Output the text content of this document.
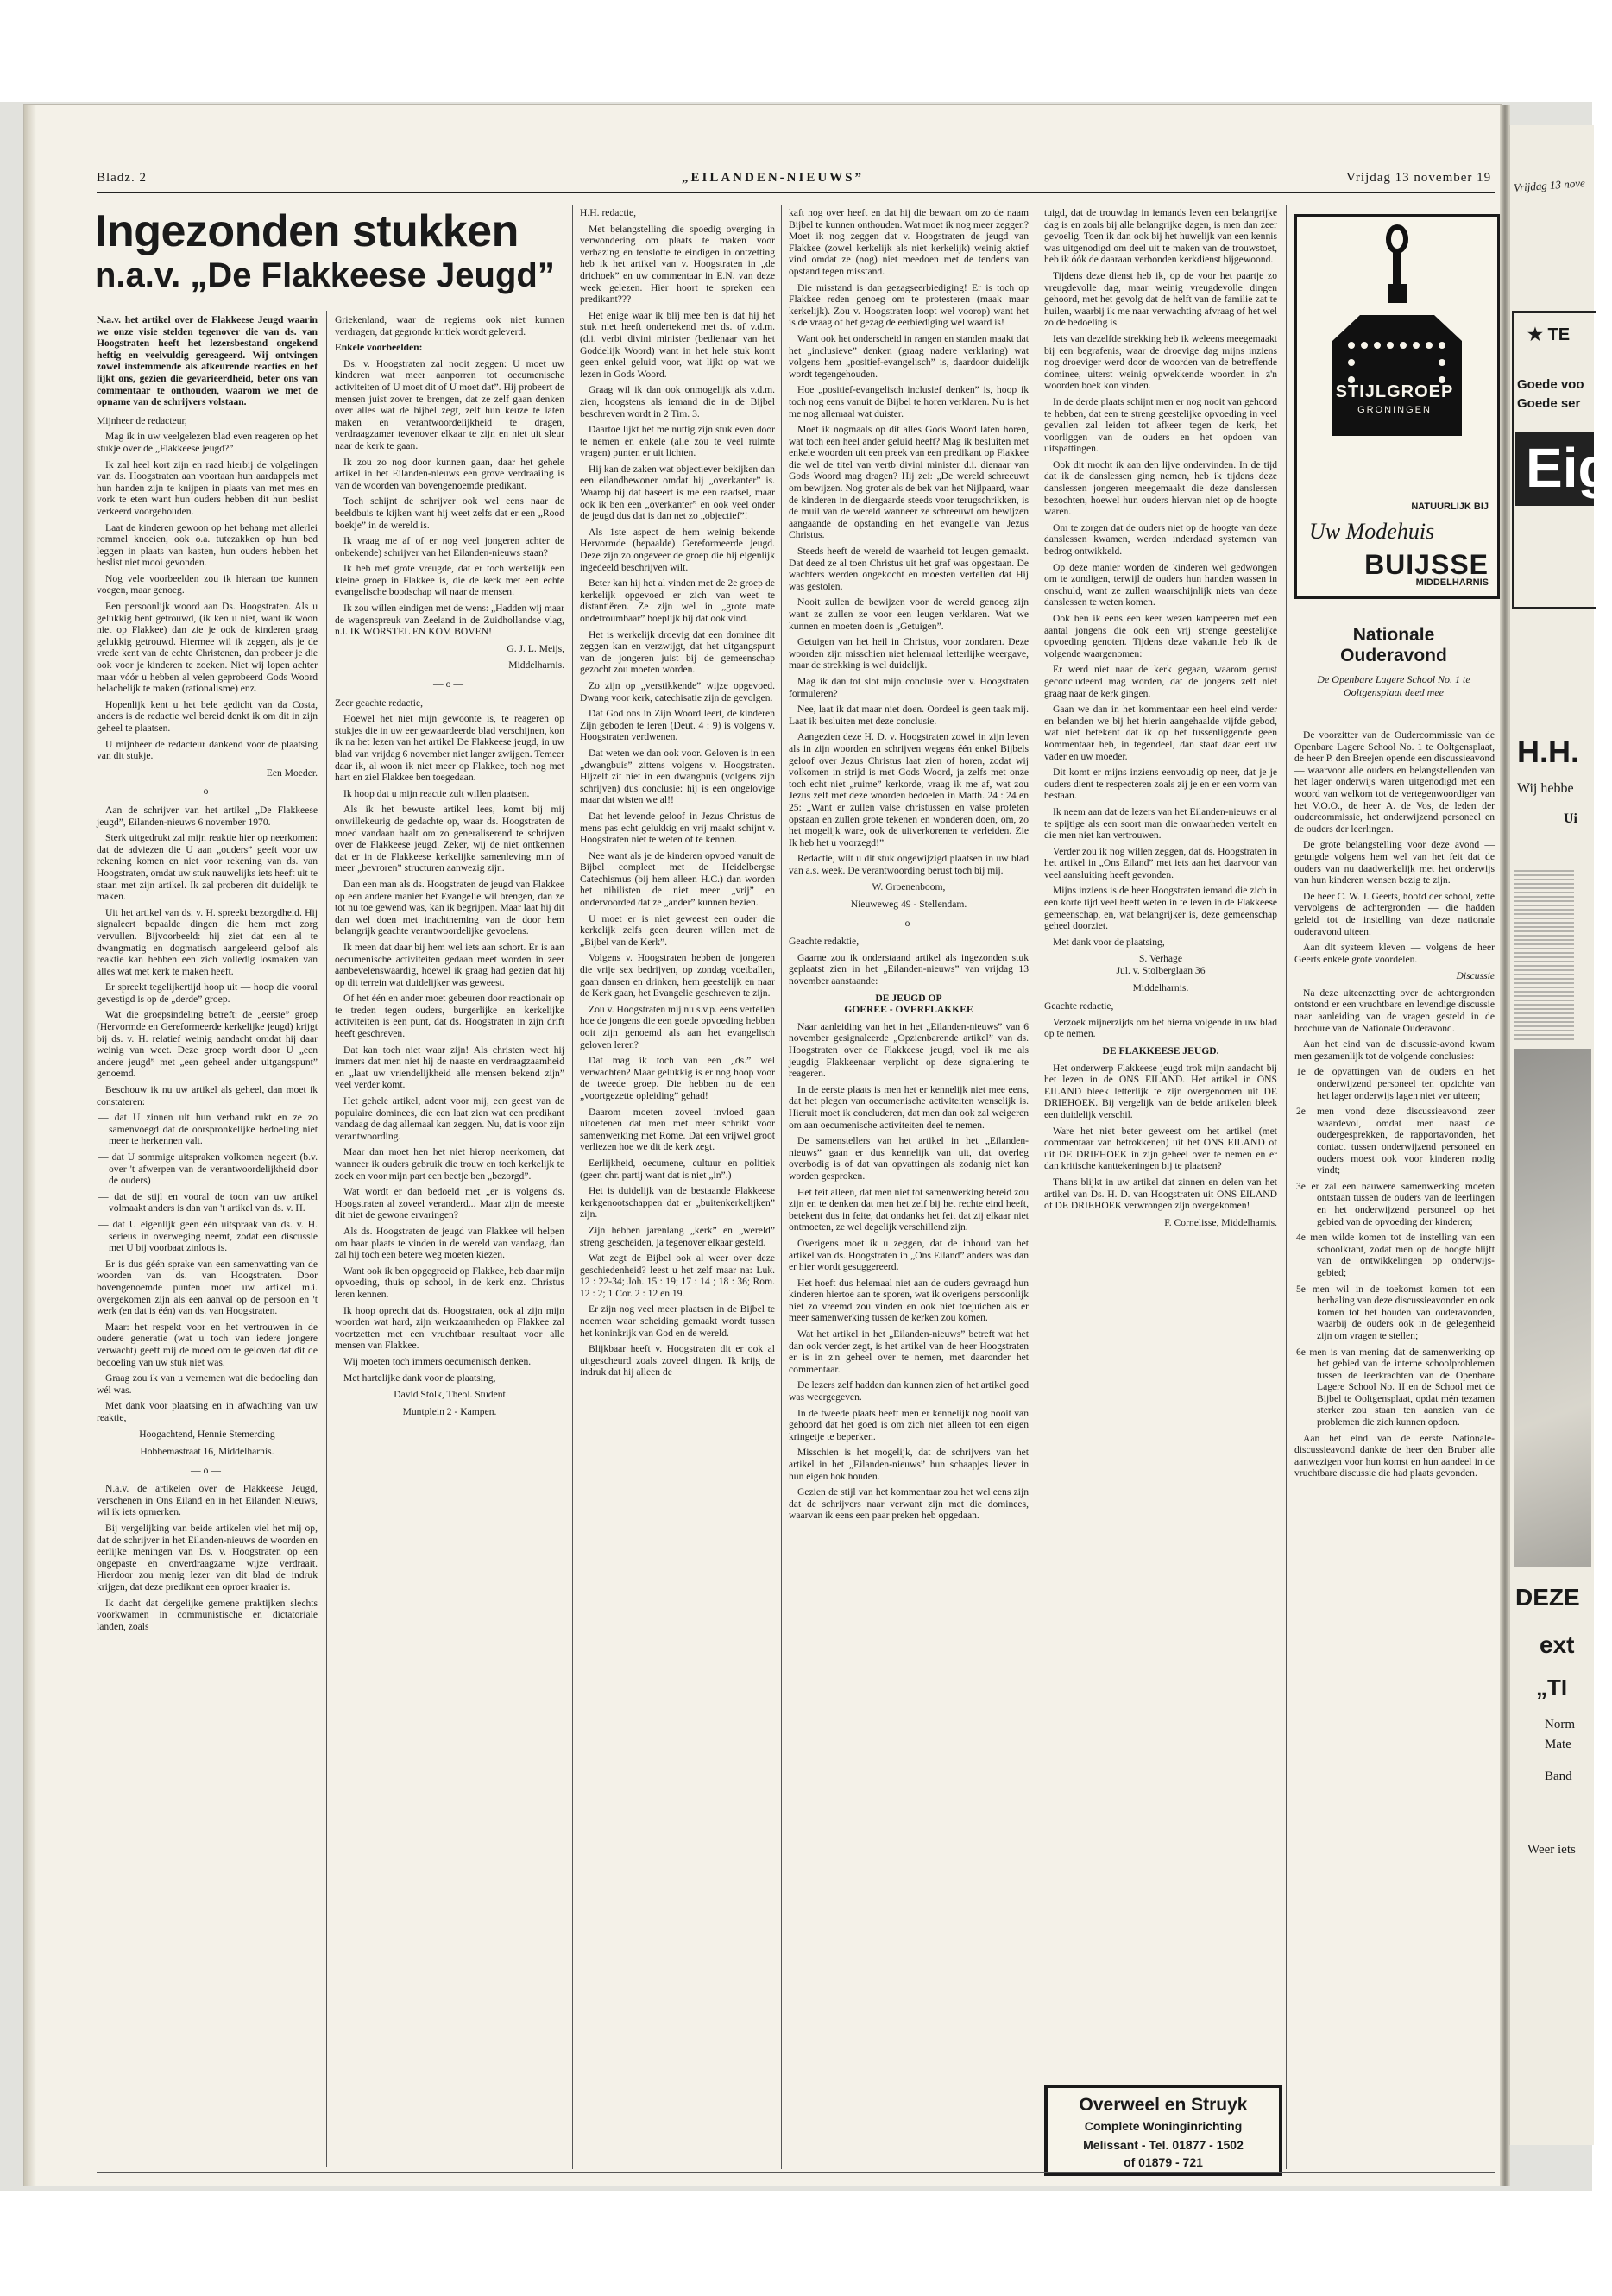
Vrijdag 13 nove
★ TE
Goede voo
Goede ser
Eig
H.H.
Wij hebbe
Ui
DEZE
ext
„TI
Norm
Mate
Band
Weer iets
Bladz. 2	„EILANDEN-NIEUWS”	Vrijdag 13 november 19
Ingezonden stukken
n.a.v. „De Flakkeese Jeugd”

N.a.v. het artikel over de Flakkeese Jeugd waarin we onze visie stelden tegenover die van ds. van Hoogstraten heeft het lezersbestand ongekend heftig en veelvuldig gereageerd. Wij ontvingen zowel instemmende als afkeurende reacties en het lijkt ons, gezien die gevarieerdheid, beter ons van commentaar te onthouden, waarom we met de opname van de schrijvers volstaan.

Mijnheer de redacteur,

Mag ik in uw veelgelezen blad even reageren op het stukje over de „Flakkeese jeugd?”

Ik zal heel kort zijn en raad hierbij de volgelingen van ds. Hoogstraten aan voortaan hun aardappels met hun handen zijn te knijpen in plaats van met mes en vork te eten want hun ouders hebben dit hun beslist verkeerd voorgehouden.

Laat de kinderen gewoon op het behang met allerlei rommel knoeien, ook o.a. tutezakken op hun bed leggen in plaats van kasten, hun ouders hebben het beslist niet mooi gevonden.

Nog vele voorbeelden zou ik hieraan toe kunnen voegen, maar genoeg.

Een persoonlijk woord aan Ds. Hoogstraten. Als u gelukkig bent getrouwd, (ik ken u niet, want ik woon niet op Flakkee) dan zie je ook de kinderen graag gelukkig getrouwd. Hiermee wil ik zeggen, als je de vrede kent van de echte Christenen, dan probeer je die ook voor je kinderen te zoeken. Niet wij lopen achter maar vóór u hebben al velen geprobeerd Gods Woord belachelijk te maken (rationalisme) enz.

Hopenlijk kent u het bele gedicht van da Costa, anders is de redactie wel bereid denkt ik om dit in zijn geheel te plaatsen.

U mijnheer de redacteur dankend voor de plaatsing van dit stukje.

Een Moeder.

—o—

Aan de schrijver van het artikel „De Flakkeese jeugd”, Eilanden-nieuws 6 november 1970.

Sterk uitgedrukt zal mijn reaktie hier op neerkomen: dat de adviezen die U aan „ouders” geeft voor uw rekening komen en niet voor rekening van ds. van Hoogstraten, omdat uw stuk nauwelijks iets heeft uit te staan met zijn artikel. Ik zal proberen dit duidelijk te maken.

Uit het artikel van ds. v. H. spreekt bezorgdheid. Hij signaleert bepaalde dingen die hem met zorg vervullen. Bijvoorbeeld: hij ziet dat een al te dwangmatig en dogmatisch aangeleerd geloof als reaktie kan hebben een zich volledig losmaken van alles wat met kerk te maken heeft.

Er spreekt tegelijkertijd hoop uit — hoop die vooral gevestigd is op de „derde” groep.

Wat die groepsindeling betreft: de „eerste” groep (Hervormde en Gereformeerde kerkelijke jeugd) krijgt bij ds. v. H. relatief weinig aandacht omdat hij daar weinig van weet. Deze groep wordt door U „een andere jeugd” met „een geheel ander uitgangspunt” genoemd.

Beschouw ik nu uw artikel als geheel, dan moet ik constateren:

— dat U zinnen uit hun verband rukt en ze zo samenvoegd dat de oorspronkelijke bedoeling niet meer te herkennen valt.

— dat U sommige uitspraken volkomen negeert (b.v. over 't afwerpen van de verantwoordelijkheid door de ouders)

— dat de stijl en vooral de toon van uw artikel volmaakt anders is dan van 't artikel van ds. v. H.

— dat U eigenlijk geen één uitspraak van ds. v. H. serieus in overweging neemt, zodat een discussie met U bij voorbaat zinloos is.

Er is dus géén sprake van een samenvatting van de woorden van ds. van Hoogstraten. Door bovengenoemde punten moet uw artikel m.i. overgekomen zijn als een aanval op de persoon en 't werk (en dat is één) van ds. van Hoogstraten.

Maar: het respekt voor en het vertrouwen in de oudere generatie (wat u toch van iedere jongere verwacht) geeft mij de moed om te geloven dat dit de bedoeling van uw stuk niet was.

Graag zou ik van u vernemen wat die bedoeling dan wél was.

Met dank voor plaatsing en in afwachting van uw reaktie,

Hoogachtend, Hennie Stemerding

Hobbemastraat 16, Middelharnis.

—o—

N.a.v. de artikelen over de Flakkeese Jeugd, verschenen in Ons Eiland en in het Eilanden Nieuws, wil ik iets opmerken.

Bij vergelijking van beide artikelen viel het mij op, dat de schrijver in het Eilanden-nieuws de woorden en eerlijke meningen van Ds. v. Hoogstraten op een ongepaste en onverdraagzame wijze verdraait. Hierdoor zou menig lezer van dit blad de indruk krijgen, dat deze predikant een oproer kraaier is.

Ik dacht dat dergelijke gemene praktijken slechts voorkwamen in communistische en dictatoriale landen, zoals

Griekenland, waar de regiems ook niet kunnen verdragen, dat gegronde kritiek wordt geleverd.

Enkele voorbeelden:

Ds. v. Hoogstraten zal nooit zeggen: U moet uw kinderen wat meer aanporren tot oecumenische activiteiten of U moet dit of U moet dat”. Hij probeert de mensen juist zover te brengen, dat ze zelf gaan denken over alles wat de bijbel zegt, zelf hun keuze te laten maken en verantwoordelijkheid te dragen, verdraagzamer tevenover elkaar te zijn en niet uit sleur naar de kerk te gaan.

Ik zou zo nog door kunnen gaan, daar het gehele artikel in het Eilanden-nieuws een grove verdraaiing is van de woorden van bovengenoemde predikant.

Toch schijnt de schrijver ook wel eens naar de beeldbuis te kijken want hij weet zelfs dat er een „Rood boekje” in de wereld is.

Ik vraag me af of er nog veel jongeren achter de onbekende) schrijver van het Eilanden-nieuws staan?

Ik heb met grote vreugde, dat er toch werkelijk een kleine groep in Flakkee is, die de kerk met een echte evangelische boodschap wil naar de mensen.

Ik zou willen eindigen met de wens: „Hadden wij maar de wagenspreuk van Zeeland in de Zuidhollandse vlag, n.l. IK WORSTEL EN KOM BOVEN!

G. J. L. Meijs,

Middelharnis.

—o—

Zeer geachte redactie,

Hoewel het niet mijn gewoonte is, te reageren op stukjes die in uw eer gewaardeerde blad verschijnen, kon ik na het lezen van het artikel De Flakkeese jeugd, in uw blad van vrijdag 6 november niet langer zwijgen. Temeer daar ik, al woon ik niet meer op Flakkee, toch nog met hart en ziel Flakkee ben toegedaan.

Ik hoop dat u mijn reactie zult willen plaatsen.

Als ik het bewuste artikel lees, komt bij mij onwillekeurig de gedachte op, waar ds. Hoogstraten de moed vandaan haalt om zo generaliserend te schrijven over de Flakkeese jeugd. Zeker, wij de niet ontkennen dat er in de Flakkeese kerkelijke samenleving min of meer „bevroren” structuren aanwezig zijn.

Dan een man als ds. Hoogstraten de jeugd van Flakkee op een andere manier het Evangelie wil brengen, dan ze tot nu toe gewend was, kan ik begrijpen. Maar laat hij dit dan wel doen met inachtneming van de door hem belangrijk geachte verantwoordelijke gevoelens.

Ik meen dat daar bij hem wel iets aan schort. Er is aan oecumenische activiteiten gedaan meet worden in zeer aanbevelenswaardig, hoewel ik graag had gezien dat hij op dit terrein wat duidelijker was geweest.

Of het één en ander moet gebeuren door reactionair op te treden tegen ouders, burgerlijke en kerkelijke activiteiten is een punt, dat ds. Hoogstraten in zijn drift heeft geschreven.

Dat kan toch niet waar zijn! Als christen weet hij immers dat men niet hij de naaste en verdraagzaamheid en „laat uw vriendelijkheid alle mensen bekend zijn” veel verder komt.

Het gehele artikel, adent voor mij, een geest van de populaire dominees, die een laat zien wat een predikant vandaag de dag allemaal kan zeggen. Nu, dat is voor zijn verantwoording.

Maar dan moet hen het niet hierop neerkomen, dat wanneer ik ouders gebruik die trouw en toch kerkelijk te zoek en voor mijn part een beetje ben „bezorgd”.

Wat wordt er dan bedoeld met „er is volgens ds. Hoogstraten al zoveel veranderd... Maar zijn de meeste dit niet de gewone ervaringen?

Als ds. Hoogstraten de jeugd van Flakkee wil helpen om haar plaats te vinden in de wereld van vandaag, dan zal hij toch een betere weg moeten kiezen.

Want ook ik ben opgegroeid op Flakkee, heb daar mijn opvoeding, thuis op school, in de kerk enz. Christus leren kennen.

Ik hoop oprecht dat ds. Hoogstraten, ook al zijn mijn woorden wat hard, zijn werkzaamheden op Flakkee zal voortzetten met een vruchtbaar resultaat voor alle mensen van Flakkee.

Wij moeten toch immers oecumenisch denken.

Met hartelijke dank voor de plaatsing,

David Stolk, Theol. Student

Muntplein 2 - Kampen.

H.H. redactie,

Met belangstelling die spoedig overging in verwondering om plaats te maken voor verbazing en tenslotte te eindigen in ontzetting heb ik het artikel van v. Hoogstraten in „de drichoek” en uw commentaar in E.N. van deze week gelezen. Hier hoort te spreken een predikant???

Het enige waar ik blij mee ben is dat hij het stuk niet heeft ondertekend met ds. of v.d.m. (d.i. verbi divini minister (bedienaar van het Goddelijk Woord) want in het hele stuk komt geen enkel geluid voor, wat lijkt op wat we lezen in Gods Woord.

Graag wil ik dan ook onmogelijk als v.d.m. zien, hoogstens als iemand die in de Bijbel beschreven wordt in 2 Tim. 3.

Daartoe lijkt het me nuttig zijn stuk even door te nemen en enkele (alle zou te veel ruimte vragen) punten er uit lichten.

Hij kan de zaken wat objectiever bekijken dan een eilandbewoner omdat hij „overkanter” is. Waarop hij dat baseert is me een raadsel, maar ook ik ben een „overkanter” en ook veel onder de jeugd dus dat is dan net zo „objectief”!

Als 1ste aspect de hem weinig bekende Hervormde (bepaalde) Gereformeerde jeugd. Deze zijn zo ongeveer de groep die hij eigenlijk ingedeeld beschrijven wilt.

Beter kan hij het al vinden met de 2e groep de kerkelijk opgevoed er zich van weet te distantiëren. Ze zijn wel in „grote mate ondetroumbaar” boeplijk hij dat ook vind.

Het is werkelijk droevig dat een dominee dit zeggen kan en verzwijgt, dat het uitgangspunt van de jongeren juist bij de gemeenschap gezocht zou moeten worden.

Zo zijn op „verstikkende” wijze opgevoed. Dwang voor kerk, catechisatie zijn de gevolgen.

Dat God ons in Zijn Woord leert, de kinderen Zijn geboden te leren (Deut. 4 : 9) is volgens v. Hoogstraten verdwenen.

Dat weten we dan ook voor. Geloven is in een „dwangbuis” zittens volgens v. Hoogstraten. Hijzelf zit niet in een dwangbuis (volgens zijn schrijven) dus conclusie: hij is een ongelovige maar dat wisten we al!!

Dat het levende geloof in Jezus Christus de mens pas echt gelukkig en vrij maakt schijnt v. Hoogstraten niet te weten of te kennen.

Nee want als je de kinderen opvoed vanuit de Bijbel compleet met de Heidelbergse Catechismus (bij hem alleen H.C.) dan worden het nihilisten de niet meer „vrij” en ondervoorded dat ze „ander” kunnen bezien.

U moet er is niet geweest een ouder die kerkelijk zelfs geen deuren willen met de „Bijbel van de Kerk”.

Volgens v. Hoogstraten hebben de jongeren die vrije sex bedrijven, op zondag voetballen, gaan dansen en drinken, hem geestelijk en naar de Kerk gaan, het Evangelie geschreven te zijn.

Zou v. Hoogstraten mij nu s.v.p. eens vertellen hoe de jongens die een goede opvoeding hebben ooit zijn genoemd als aan het evangelisch geloven leren?

Dat mag ik toch van een „ds.” wel verwachten? Maar gelukkig is er nog hoop voor de tweede groep. Die hebben nu de een „voortgezette opleiding” gehad!

Daarom moeten zoveel invloed gaan uitoefenen dat men met meer schrikt voor samenwerking met Rome. Dat een vrijwel groot verliezen hoe we dit de kerk zegt.

Eerlijkheid, oecumene, cultuur en politiek (geen chr. partij want dat is niet „in”.)

Het is duidelijk van de bestaande Flakkeese kerkgenootschappen dat er „buitenkerkelijken” zijn.

Zijn hebben jarenlang „kerk” en „wereld” streng gescheiden, ja tegenover elkaar gesteld.

Wat zegt de Bijbel ook al weer over deze geschiedenheid? leest u het zelf maar na: Luk. 12 : 22-34; Joh. 15 : 19; 17 : 14 ; 18 : 36; Rom. 12 : 2; 1 Cor. 2 : 12 en 19.

Er zijn nog veel meer plaatsen in de Bijbel te noemen waar scheiding gemaakt wordt tussen het koninkrijk van God en de wereld.

Blijkbaar heeft v. Hoogstraten dit er ook al uitgescheurd zoals zoveel dingen. Ik krijg de indruk dat hij alleen de

kaft nog over heeft en dat hij die bewaart om zo de naam Bijbel te kunnen onthouden. Wat moet ik nog meer zeggen? Moet ik nog zeggen dat v. Hoogstraten de jeugd van Flakkee (zowel kerkelijk als niet kerkelijk) weinig aktief vind omdat ze (nog) niet meedoen met de tendens van opstand tegen misstand.

Die misstand is dan gezagseerbiediging! Er is toch op Flakkee reden genoeg om te protesteren (maak maar kerkelijk). Zou v. Hoogstraten loopt wel voorop) want het is de vraag of het gezag de eerbiediging wel waard is!

Want ook het onderscheid in rangen en standen maakt dat het „inclusieve” denken (graag nadere verklaring) wat volgens hem „positief-evangelisch” is, daardoor duidelijk wordt tegengehouden.

Hoe „positief-evangelisch inclusief denken” is, hoop ik toch nog eens vanuit de Bijbel te horen verklaren. Nu is het me nog allemaal wat duister.

Moet ik nogmaals op dit alles Gods Woord laten horen, wat toch een heel ander geluid heeft? Mag ik besluiten met enkele woorden uit een preek van een predikant op Flakkee die wel de titel van vertb divini minister d.i. dienaar van Gods Woord mag dragen? Hij zei: „De wereld schreeuwt om bewijzen. Nog groter als de bek van het Nijlpaard, waar de kinderen in de diergaarde steeds voor terugschrikken, is de muil van de wereld wanneer ze schreeuwt om bewijzen aangaande de opstanding en het evangelie van Jezus Christus.

Steeds heeft de wereld de waarheid tot leugen gemaakt. Dat deed ze al toen Christus uit het graf was opgestaan. De wachters werden ongekocht en moesten vertellen dat Hij was gestolen.

Nooit zullen de bewijzen voor de wereld genoeg zijn want ze zullen ze voor een leugen verklaren. Wat we kunnen en moeten doen is „Getuigen”.

Getuigen van het heil in Christus, voor zondaren. Deze woorden zijn misschien niet helemaal letterlijke weergave, maar de strekking is wel duidelijk.

Mag ik dan tot slot mijn conclusie over v. Hoogstraten formuleren?

Nee, laat ik dat maar niet doen. Oordeel is geen taak mij. Laat ik besluiten met deze conclusie.

Aangezien deze H. D. v. Hoogstraten zowel in zijn leven als in zijn woorden en schrijven wegens één enkel Bijbels geloof over Jezus Christus laat zien of horen, zodat wij volkomen in strijd is met Gods Woord, ja zelfs met onze toch echt niet „ruime” kerkorde, vraag ik me af, wat zou Jezus zelf met deze woorden bedoelen in Matth. 24 : 24 en 25: „Want er zullen valse christussen en valse profeten opstaan en zullen grote tekenen en wonderen doen, om, zo het mogelijk ware, ook de uitverkorenen te verleiden. Zie Ik heb het u voorzegd!”

Redactie, wilt u dit stuk ongewijzigd plaatsen in uw blad van a.s. week. De verantwoording berust toch bij mij.

W. Groenenboom,

Nieuweweg 49 - Stellendam.

—o—

Geachte redaktie,

Gaarne zou ik onderstaand artikel als ingezonden stuk geplaatst zien in het „Eilanden-nieuws” van vrijdag 13 november aanstaande:

DE JEUGD OP

GOEREE - OVERFLAKKEE

Naar aanleiding van het in het „Eilanden-nieuws” van 6 november gesignaleerde „Opzienbarende artikel” van ds. Hoogstraten over de Flakkeese jeugd, voel ik me als jeugdig Flakkeenaar verplicht op deze signalering te reageren.

In de eerste plaats is men het er kennelijk niet mee eens, dat het plegen van oecumenische activiteiten wenselijk is. Hieruit moet ik concluderen, dat men dan ook zal weigeren om aan oecumenische activiteiten deel te nemen.

De samenstellers van het artikel in het „Eilanden-nieuws” gaan er dus kennelijk van uit, dat overleg overbodig is of dat van opvattingen als zodanig niet kan worden gesproken.

Het feit alleen, dat men niet tot samenwerking bereid zou zijn en te denken dat men het zelf bij het rechte eind heeft, betekent dus in feite, dat ondanks het feit dat zij elkaar niet ontmoeten, ze wel degelijk verschillend zijn.

Overigens moet ik u zeggen, dat de inhoud van het artikel van ds. Hoogstraten in „Ons Eiland” anders was dan er hier wordt gesuggereerd.

Het hoeft dus helemaal niet aan de ouders gevraagd hun kinderen hiertoe aan te sporen, wat ik overigens persoonlijk niet zo vreemd zou vinden en ook niet toejuichen als er meer samenwerking tussen de kerken zou komen.

Wat het artikel in het „Eilanden-nieuws” betreft wat het dan ook verder zegt, is het artikel van de heer Hoogstraten er is in z'n geheel over te nemen, met daaronder het commentaar.

De lezers zelf hadden dan kunnen zien of het artikel goed was weergegeven.

In de tweede plaats heeft men er kennelijk nog nooit van gehoord dat het goed is om zich niet alleen tot een eigen kringetje te beperken.

Misschien is het mogelijk, dat de schrijvers van het artikel in het „Eilanden-nieuws” hun schaapjes liever in hun eigen hok houden.

Gezien de stijl van het kommentaar zou het wel eens zijn dat de schrijvers naar verwant zijn met die dominees, waarvan ik eens een paar preken heb opgedaan.

tuigd, dat de trouwdag in iemands leven een belangrijke dag is en zoals bij alle belangrijke dagen, is men dan zeer gevoelig. Toen ik dan ook bij het huwelijk van een kennis was uitgenodigd om deel uit te maken van de trouwstoet, heb ik óók de daaraan verbonden kerkdienst bijgewoond.

Tijdens deze dienst heb ik, op de voor het paartje zo vreugdevolle dag, maar weinig vreugdevolle dingen gehoord, met het gevolg dat de helft van de familie zat te huilen, waarbij ik me naar verwachting afvraag of het wel zo de bedoeling is.

Iets van dezelfde strekking heb ik weleens meegemaakt bij een begrafenis, waar de droevige dag mijns inziens nog droeviger werd door de woorden van de betreffende dominee, uiterst weinig opwekkende woorden in z'n woorden boek kon vinden.

In de derde plaats schijnt men er nog nooit van gehoord te hebben, dat een te streng geestelijke opvoeding in veel gevallen zal leiden tot afkeer tegen de kerk, het voorliggen van de ouders en het opdoen van uitspattingen.

Ook dit mocht ik aan den lijve ondervinden. In de tijd dat ik de danslessen ging nemen, heb ik tijdens deze danslessen jongeren meegemaakt die deze danslessen bezochten, hoewel hun ouders hiervan niet op de hoogte waren.

Om te zorgen dat de ouders niet op de hoogte van deze danslessen kwamen, werden inderdaad systemen van bedrog ontwikkeld.

Op deze manier worden de kinderen wel gedwongen om te zondigen, terwijl de ouders hun handen wassen in onschuld, want ze zullen waarschijnlijk niets van deze danslessen te weten komen.

Ook ben ik eens een keer wezen kampeeren met een aantal jongens die ook een vrij strenge geestelijke opvoeding genoten. Tijdens deze vakantie heb ik de volgende waargenomen:

Er werd niet naar de kerk gegaan, waarom gerust geconcludeerd mag worden, dat de jongens zelf niet graag naar de kerk gingen.

Gaan we dan in het kommentaar een heel eind verder en belanden we bij het hierin aangehaalde vijfde gebod, wat niet betekent dat ik op het tussenliggende geen kommentaar heb, in tegendeel, dan staat daar eert uw vader en uw moeder.

Dit komt er mijns inziens eenvoudig op neer, dat je je ouders dient te respecteren zoals zij je en er een vorm van bestaan.

Ik neem aan dat de lezers van het Eilanden-nieuws er al te spijtige als een soort man die onwaarheden vertelt en die men niet kan vertrouwen.

Verder zou ik nog willen zeggen, dat ds. Hoogstraten in het artikel in „Ons Eiland” met iets aan het daarvoor van veel aansluiting heeft gevonden.

Mijns inziens is de heer Hoogstraten iemand die zich in een korte tijd veel heeft weten in te leven in de Flakkeese gemeenschap, en, wat belangrijker is, deze gemeenschap geheel doorziet.

Met dank voor de plaatsing,

S. Verhage

Jul. v. Stolberglaan 36

Middelharnis.

Geachte redactie,

Verzoek mijnerzijds om het hierna volgende in uw blad op te nemen.

DE FLAKKEESE JEUGD.

Het onderwerp Flakkeese jeugd trok mijn aandacht bij het lezen in de ONS EILAND. Het artikel in ONS EILAND bleek letterlijk te zijn overgenomen uit DE DRIEHOEK. Bij vergelijk van de beide artikelen bleek een duidelijk verschil.

Ware het niet beter geweest om het artikel (met commentaar van betrokkenen) uit het ONS EILAND of uit DE DRIEHOEK in zijn geheel over te nemen en er dan kritische kanttekeningen bij te plaatsen?

Thans blijkt in uw artikel dat zinnen en delen van het artikel van Ds. H. D. van Hoogstraten uit ONS EILAND of DE DRIEHOEK verwrongen zijn overgekomen!

F. Cornelisse, Middelharnis.

Overweel en Struyk
Complete Woninginrichting
Melissant - Tel. 01877 - 1502
of 01879 - 721
STIJLGROEP
GRONINGEN
NATUURLIJK BIJ
Uw Modehuis
BUIJSSE
MIDDELHARNIS
Nationale
Ouderavond
De Openbare Lagere School No. 1 te Ooltgensplaat deed mee

De voorzitter van de Oudercommissie van de Openbare Lagere School No. 1 te Ooltgensplaat, de heer P. den Breejen opende een discussieavond — waarvoor alle ouders en belangstellenden van het lager onderwijs waren uitgenodigd met een woord van welkom tot de vertegenwoordiger van het V.O.O., de heer A. de Vos, de leden der oudercommissie, het onderwijzend personeel en de ouders der leerlingen.

De grote belangstelling voor deze avond —getuigde volgens hem wel van het feit dat de ouders van nu daadwerkelijk met het onderwijs van hun kinderen wensen bezig te zijn.

De heer C. W. J. Geerts, hoofd der school, zette vervolgens de achtergronden — die hadden geleid tot de instelling van deze nationale ouderavond uiteen.

Aan dit systeem kleven — volgens de heer Geerts enkele grote voordelen.

Discussie

Na deze uiteenzetting over de achtergronden ontstond er een vruchtbare en levendige discussie naar aanleiding van de vragen gesteld in de brochure van de Nationale Ouderavond.

Aan het eind van de discussie-avond kwam men gezamenlijk tot de volgende conclusies:

1e de opvattingen van de ouders en het onderwijzend personeel ten opzichte van het lager onderwijs lagen niet ver uiteen;

2e men vond deze discussieavond zeer waardevol, omdat men naast de oudergesprekken, de rapportavonden, het contact tussen onderwijzend personeel en ouders moest ook voor kinderen nodig vindt;

3e er zal een nauwere samenwerking moeten ontstaan tussen de ouders van de leerlingen en het onderwijzend personeel op het gebied van de opvoeding der kinderen;

4e men wilde komen tot de instelling van een schoolkrant, zodat men op de hoogte blijft van de ontwikkelingen op onderwijs-gebied;

5e men wil in de toekomst komen tot een herhaling van deze discussieavonden en ook komen tot het houden van ouderavonden, waarbij de ouders ook in de gelegenheid zijn om vragen te stellen;

6e men is van mening dat de samenwerking op het gebied van de interne schoolproblemen tussen de leerkrachten van de Openbare Lagere School No. II en de School met de Bijbel te Ooltgensplaat, opdat mén tezamen sterker zou staan ten aanzien van de problemen die zich kunnen opdoen.

Aan het eind van de eerste Nationale-discussieavond dankte de heer den Bruber alle aanwezigen voor hun komst en hun aandeel in de vruchtbare discussie die had plaats gevonden.
